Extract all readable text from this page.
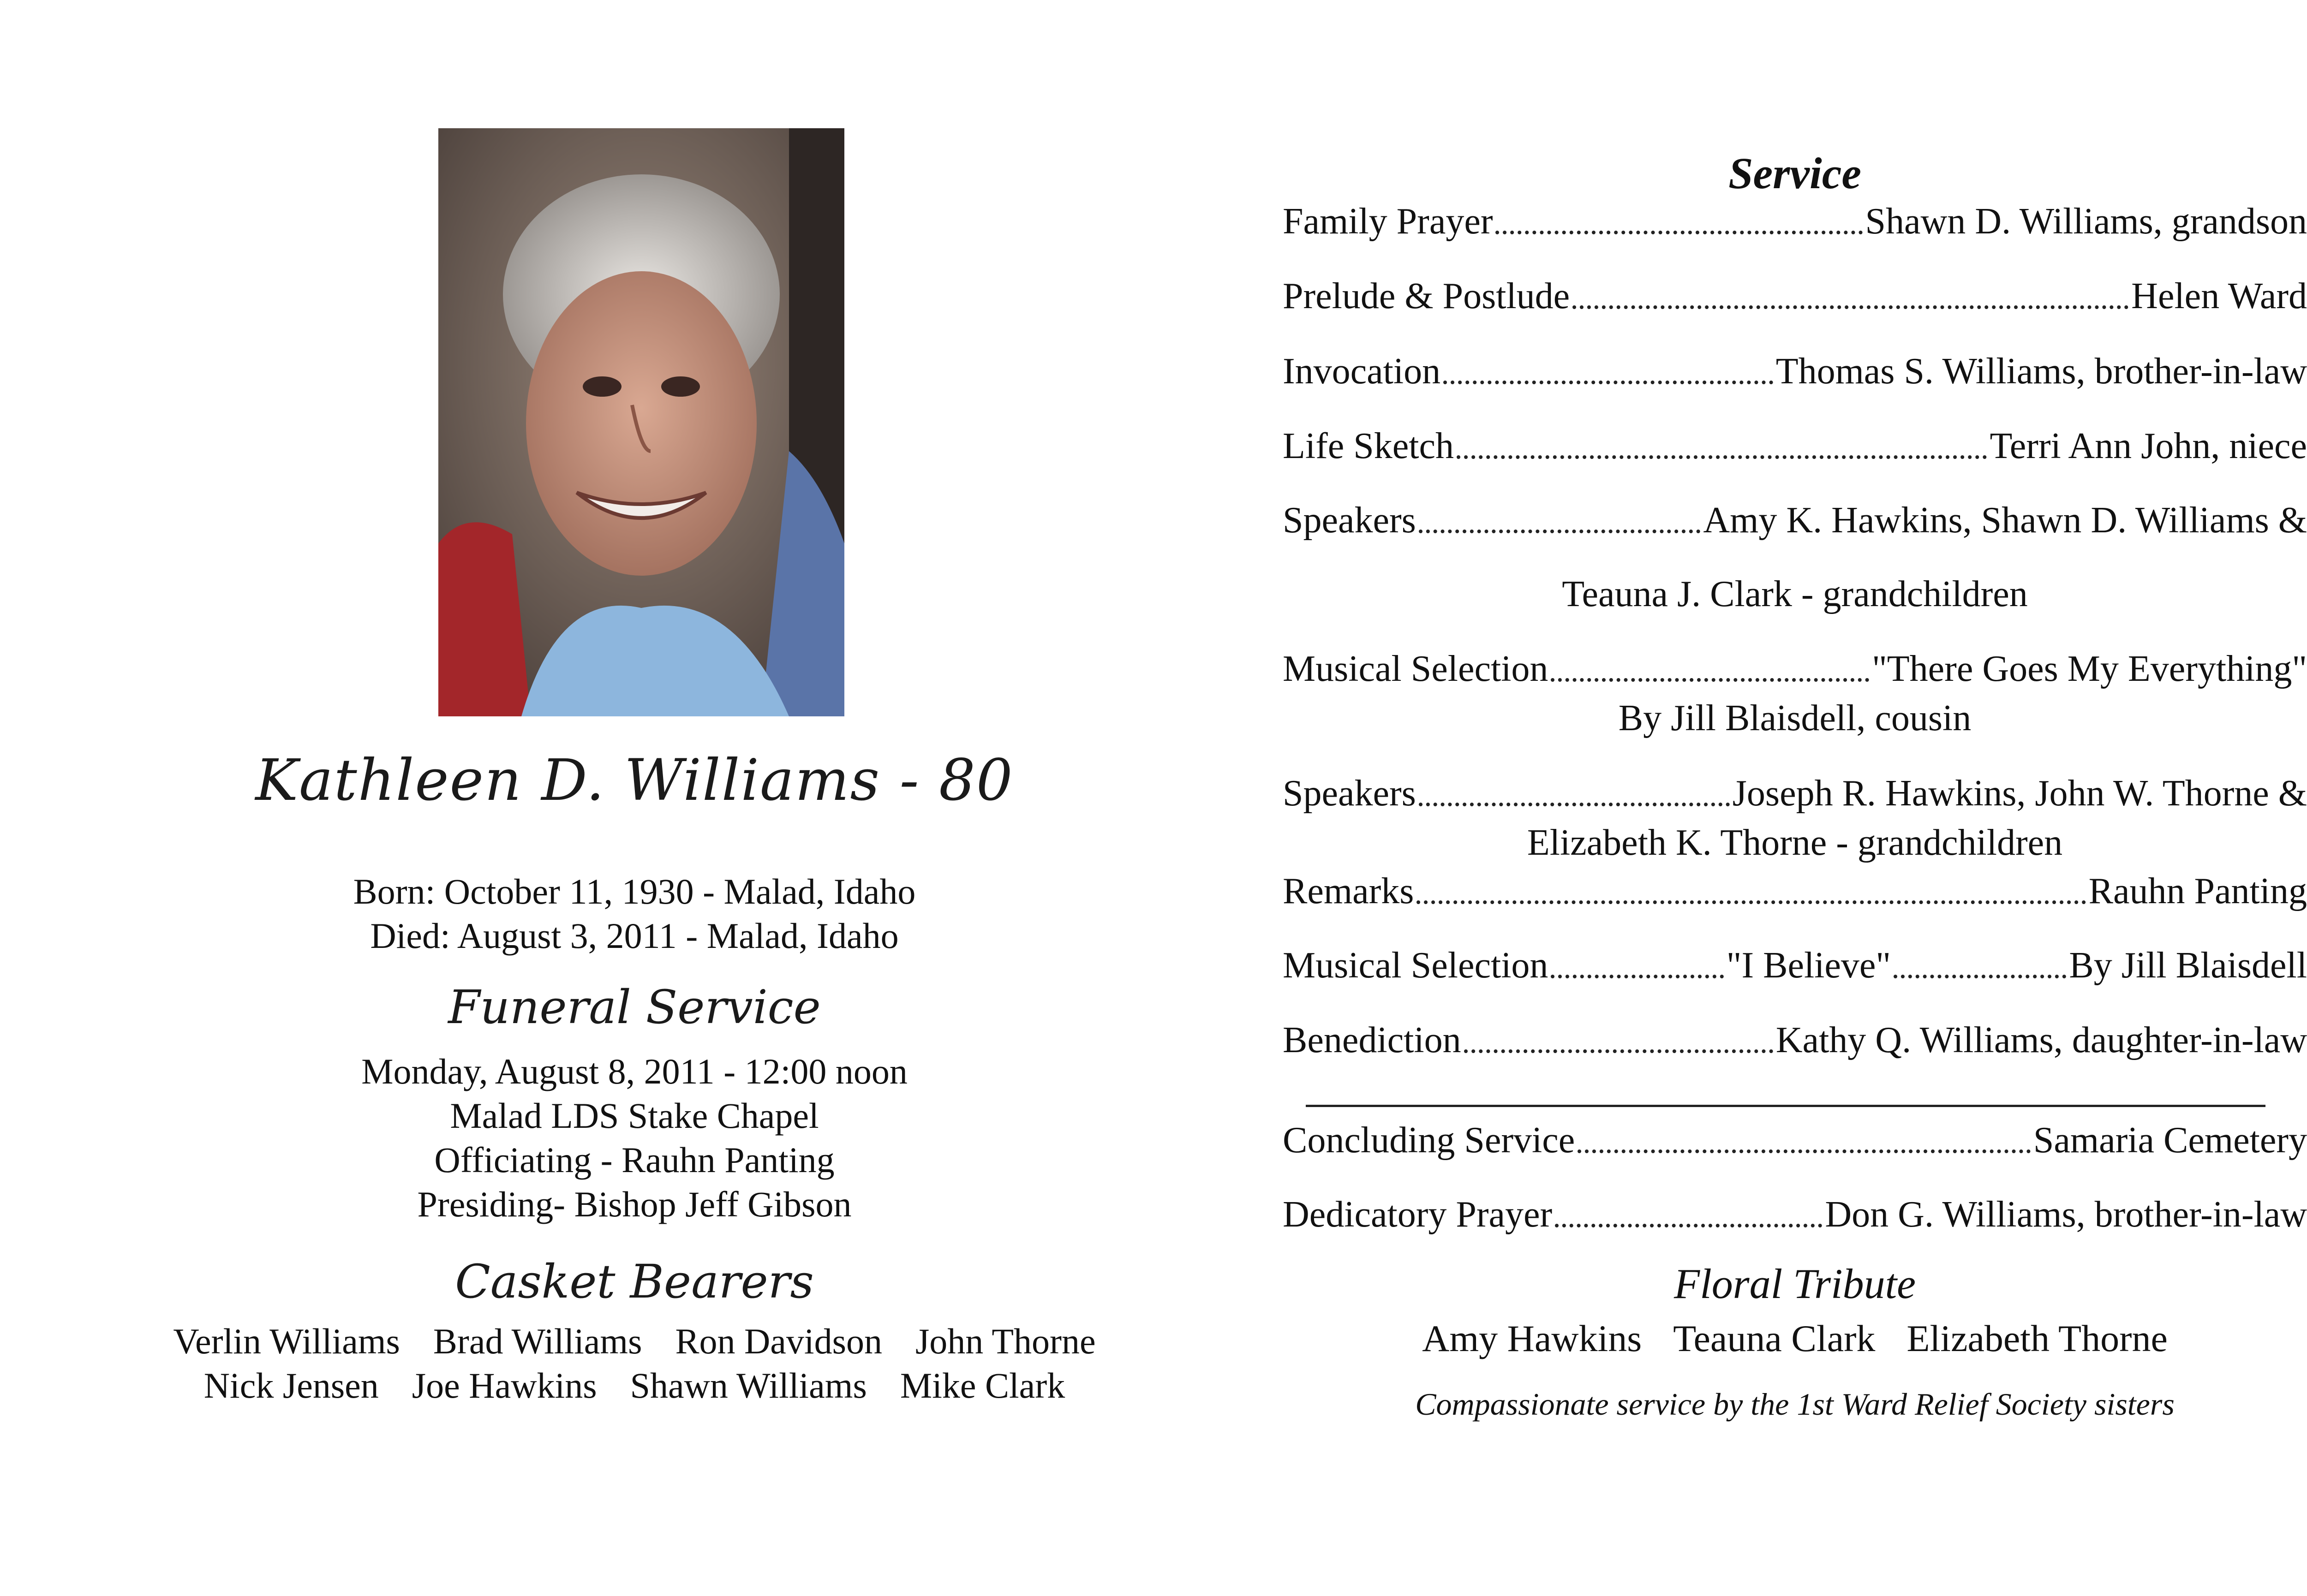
Kathleen D. Williams - 80
Born: October 11, 1930 - Malad, Idaho
Died: August 3, 2011 - Malad, Idaho
Funeral Service
Monday, August 8, 2011 - 12:00 noon
Malad LDS Stake Chapel
Officiating - Rauhn Panting
Presiding- Bishop Jeff Gibson
Casket Bearers
Verlin Williams Brad Williams Ron Davidson John Thorne
Nick Jensen Joe Hawkins Shawn Williams Mike Clark
Service
Family Prayer	Shawn D. Williams, grandson
Prelude & Postlude	Helen Ward
Invocation	Thomas S. Williams, brother-in-law
Life Sketch	Terri Ann John, niece
Speakers	Amy K. Hawkins, Shawn D. Williams &
Teauna J. Clark - grandchildren
Musical Selection	"There Goes My Everything"
By Jill Blaisdell, cousin
Speakers	Joseph R. Hawkins, John W. Thorne &
Elizabeth K. Thorne - grandchildren
Remarks	Rauhn Panting
Musical Selection	"I Believe"	By Jill Blaisdell
Benediction	Kathy Q. Williams, daughter-in-law
Concluding Service	Samaria Cemetery
Dedicatory Prayer	Don G. Williams, brother-in-law
Floral Tribute
Amy Hawkins Teauna Clark Elizabeth Thorne
Compassionate service by the 1st Ward Relief Society sisters
